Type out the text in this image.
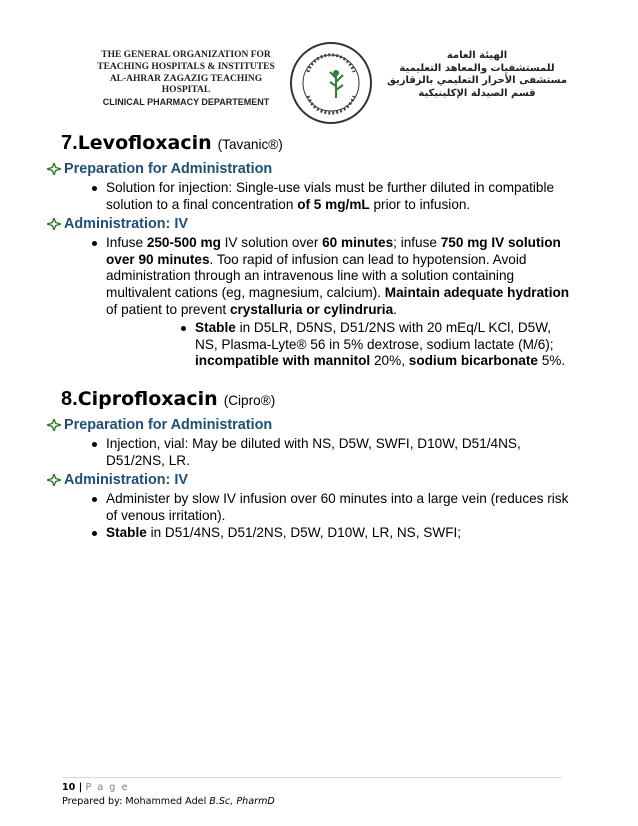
THE GENERAL ORGANIZATION FOR
TEACHING HOSPITALS & INSTITUTES
AL-AHRAR ZAGAZIG TEACHING HOSPITAL
CLINICAL PHARMACY DEPARTEMENT
الهيئة العامة
للمستشفيات والمعاهد التعليمية
مستشفى الأحرار التعليمي بالزقازيق
قسم الصيدلة الإكلينيكية
7. Levofloxacin (Tavanic®)
Preparation for Administration
Solution for injection: Single-use vials must be further diluted in compatible solution to a final concentration of 5 mg/mL prior to infusion.
Administration: IV
Infuse 250-500 mg IV solution over 60 minutes; infuse 750 mg IV solution over 90 minutes. Too rapid of infusion can lead to hypotension. Avoid administration through an intravenous line with a solution containing multivalent cations (eg, magnesium, calcium). Maintain adequate hydration of patient to prevent crystalluria or cylindruria.
Stable in D5LR, D5NS, D51/2NS with 20 mEq/L KCl, D5W, NS, Plasma-Lyte® 56 in 5% dextrose, sodium lactate (M/6); incompatible with mannitol 20%, sodium bicarbonate 5%.
8. Ciprofloxacin (Cipro®)
Preparation for Administration
Injection, vial: May be diluted with NS, D5W, SWFI, D10W, D51/4NS, D51/2NS, LR.
Administration: IV
Administer by slow IV infusion over 60 minutes into a large vein (reduces risk of venous irritation).
Stable in D51/4NS, D51/2NS, D5W, D10W, LR, NS, SWFI;
10 | P a g e
Prepared by: Mohammed Adel B.Sc, PharmD
